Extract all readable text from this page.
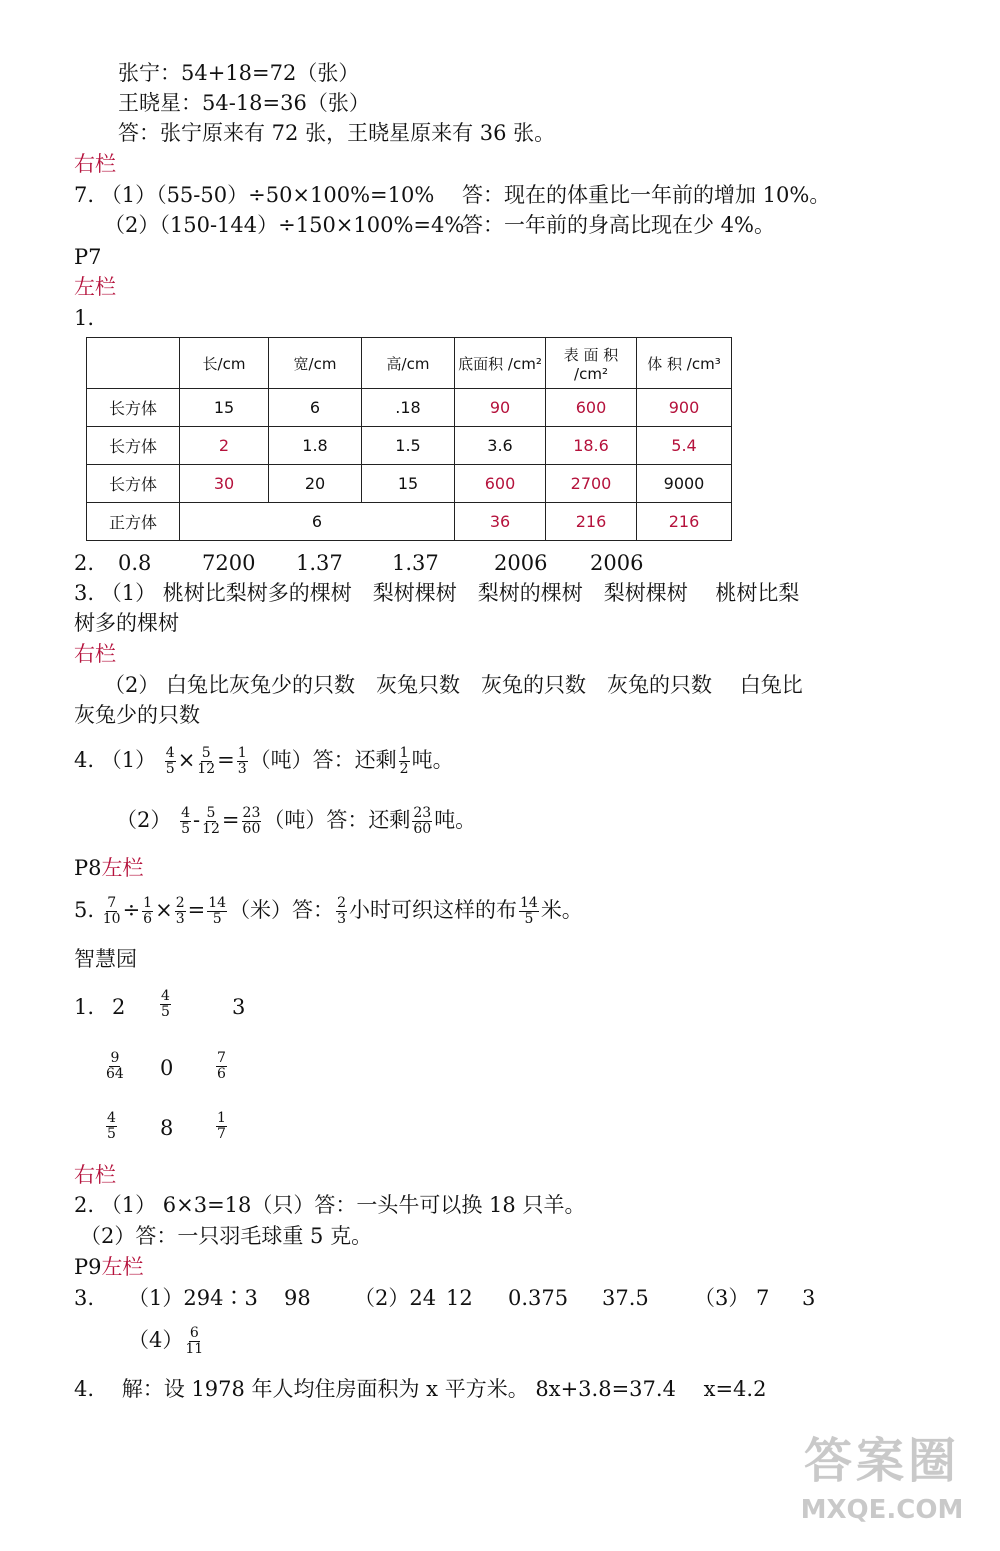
张宁：54+18=72（张）
王晓星：54-18=36（张）
答：张宁原来有 72 张，王晓星原来有 36 张。
右栏
7. （1）（55-50）÷50×100%=10% 答：现在的体重比一年前的增加 10%。
（2）（150-144）÷150×100%=4%
答：一年前的身高比现在少 4%。
P7
左栏
1.
	长/cm	宽/cm	高/cm	底面积 /cm²	表 面 积 /cm²	体 积 /cm³
长方体	15	6	.18	90	600	900
长方体	2	1.8	1.5	3.6	18.6	5.4
长方体	30	20	15	600	2700	9000
正方体	6			36	216	216
2. 0.8 7200 1.37 1.37	2006 2006
3. （1） 桃树比梨树多的棵树　梨树棵树　梨树的棵树　梨树棵树　 桃树比梨
树多的棵树
右栏
（2） 白兔比灰兔少的只数　灰兔只数　灰兔的只数　灰兔的只数　 白兔比
灰兔少的只数
4. $(1) \frac{4}{5} \times \frac{5}{12} = \frac{1}{3}$ （吨）答：还剩 $\frac{1}{2}$ 吨。
$(2) \frac{4}{5} - \frac{5}{12} = \frac{23}{60}$ （吨）答：还剩 $\frac{23}{60}$ 吨。
P8左栏
5. $\frac{7}{10} \div \frac{1}{6} \times \frac{2}{3} = \frac{14}{5}$ （米）答： $\frac{2}{3}$ 小时可织这样的布 $\frac{14}{5}$ 米。
智慧园
1. $2 \frac{4}{5}$	3
$\frac{9}{64} 0$	$\frac{7}{6}$
$\frac{4}{5} 8$	$\frac{1}{7}$
右栏
2. （1） 6×3=18（只）答：一头牛可以换 18 只羊。
（2）答：一只羽毛球重 5 克。
P9左栏
3. （1）294∶3 98 （2）24 12 0.375 37.5 （3） 7 3
$(4) \frac{6}{11}$
4.　 解：设 1978 年人均住房面积为 x 平方米。 8x+3.8=37.4　 x=4.2
答案圈
MXQE.COM
